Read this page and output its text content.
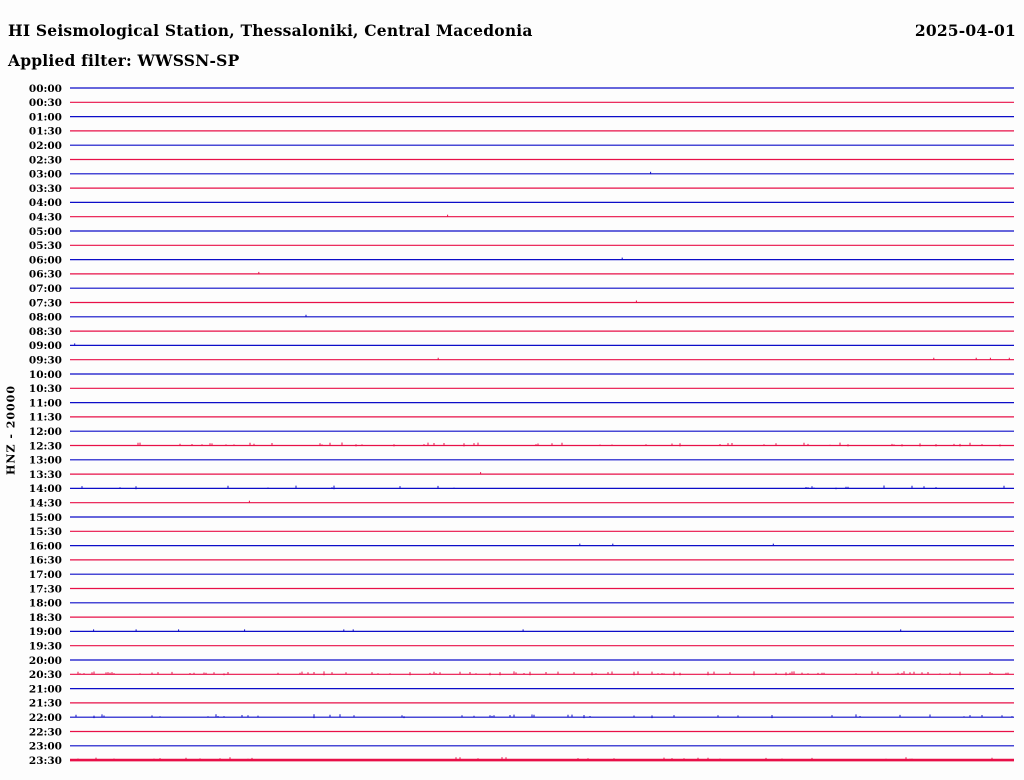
HI Seismological Station, Thessaloniki, Central Macedonia	2025-04-01
Applied filter: WWSSN-SP
HNZ - 20000
00:00
00:30
01:00
01:30
02:00
02:30
03:00
03:30
04:00
04:30
05:00
05:30
06:00
06:30
07:00
07:30
08:00
08:30
09:00
09:30
10:00
10:30
11:00
11:30
12:00
12:30
13:00
13:30
14:00
14:30
15:00
15:30
16:00
16:30
17:00
17:30
18:00
18:30
19:00
19:30
20:00
20:30
21:00
21:30
22:00
22:30
23:00
23:30
